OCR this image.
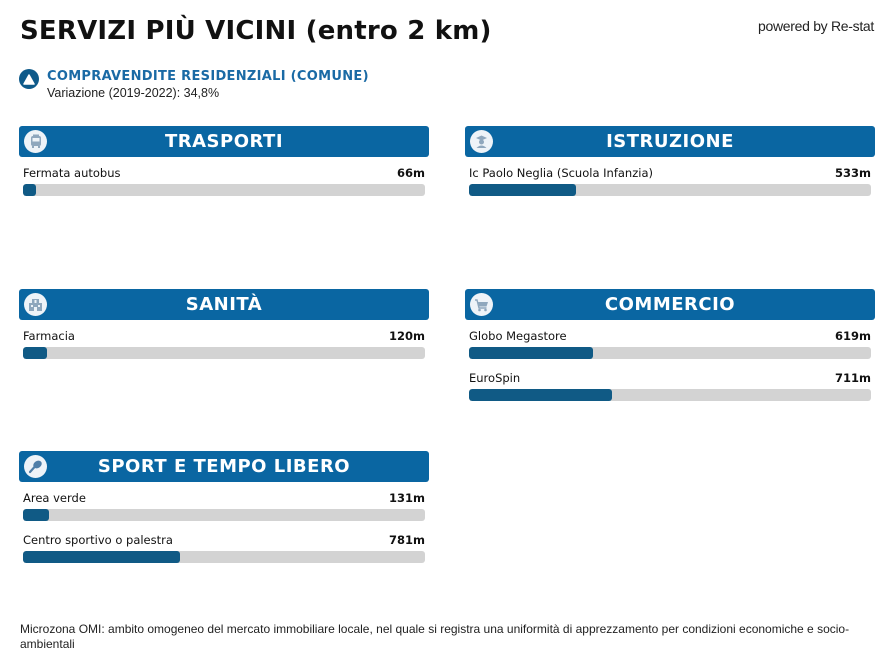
SERVIZI PIÙ VICINI (entro 2 km)	powered by Re-stat
COMPRAVENDITE RESIDENZIALI (COMUNE)
Variazione (2019-2022): 34,8%
TRASPORTI
Fermata autobus	66m
ISTRUZIONE
Ic Paolo Neglia (Scuola Infanzia)	533m
SANITÀ
Farmacia	120m
COMMERCIO
Globo Megastore	619m
EuroSpin	711m
SPORT E TEMPO LIBERO
Area verde	131m
Centro sportivo o palestra	781m
Microzona OMI: ambito omogeneo del mercato immobiliare locale, nel quale si registra una uniformità di apprezzamento per condizioni economiche e socio-ambientali
